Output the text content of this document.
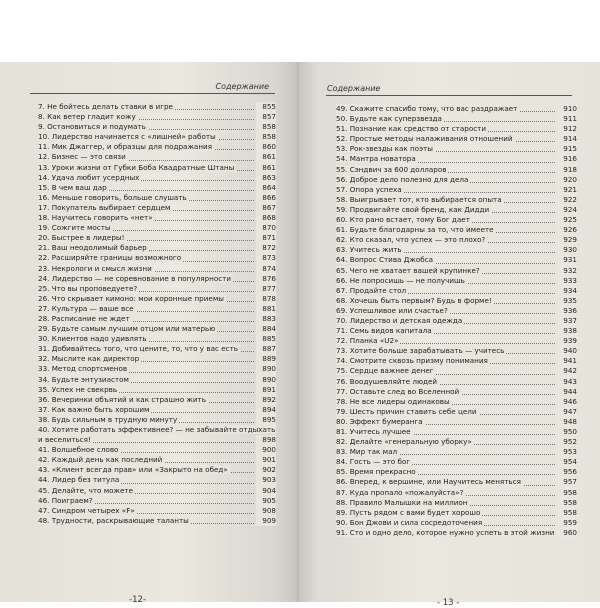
Содержание
7. Не бойтесь делать ставки в игре	855
8. Как ветер гладит кожу	857
9. Остановиться и подумать	858
10. Лидерство начинается с «лишней» работы	858
11. Мик Джаггер, и образцы для подражания	860
12. Бизнес — это связи	861
13. Уроки жизни от Губки Боба Квадратные Штаны	861
14. Удача любит усердных	863
15. В чем ваш дар	864
16. Меньше говорить, больше слушать	866
17. Покупатель выбирает сердцем	867
18. Научитесь говорить «нет»	868
19. Сожгите мосты	870
20. Быстрее в лидеры!	871
21. Ваш неодолимый барьер	872
22. Расширяйте границы возможного	873
23. Некрологи и смысл жизни	874
24. Лидерство — не соревнование в популярности	876
25. Что вы проповедуете?	877
26. Что скрывает кимоно: мои коронные приемы	878
27. Культура — ваше все	881
28. Расписание не ждет	883
29. Будьте самым лучшим отцом или матерью	884
30. Клиентов надо удивлять	885
31. Добивайтесь того, что цените, то, что у вас есть	887
32. Мыслите как директор	889
33. Метод спортсменов	890
34. Будьте энтузиастом	890
35. Успех не свекрвь	891
36. Вечеринки объятий и как страшно жить	892
37. Как важно быть хорошим	894
38. Будь сильным в трудную минуту	895
40. Хотите работать эффективнее? — не забывайте отдыхать
и веселиться!	898
41. Волшебное слово	900
42. Каждый день как последний	901
43. «Клиент всегда прав» или «Закрыто на обед»	902
44. Лидер без титула	903
45. Делайте, что можете	904
46. Поиграем?	905
47. Синдром четырех «F»	908
48. Трудности, раскрывающие таланты	909
-12-
Содержание
49. Скажите спасибо тому, что вас раздражает	910
50. Будьте как суперзвезда	911
51. Познание как средство от старости	912
52. Простые методы налаживания отношений	914
53. Рок-звезды как поэты	915
54. Мантра новатора	916
55. Сэндвич за 600 долларов	918
56. Доброе дело полезно для дела	920
57. Опора успеха	921
58. Выигрывает тот, кто выбирается опыта	922
59. Продвигайте свой бренд, как Дидди	924
60. Кто рано встает, тому Бог дает	925
61. Будьте благодарны за то, что имеете	926
62. Кто сказал, что успех — это плохо?	929
63. Учитесь жить	930
64. Вопрос Стива Джобса	931
65. Чего не хватает вашей крупинке?	932
66. Не попросишь — не получишь	933
67. Продайте стол	934
68. Хочешь быть первым? Будь в форме!	935
69. Успешливое или счастье?	936
70. Лидерство и детская одежда	937
71. Семь видов капитала	938
72. Планка «U2»	939
73. Хотите больше зарабатывать — учитесь	940
74. Смотрите сквозь призму понимания	941
75. Сердце важнее денег	942
76. Воодушевляйте людей	943
77. Оставьте след во Вселенной	944
78. Не все лидеры одинаковы	946
79. Шесть причин ставить себе цели	947
80. Эффект бумеранга	948
81. Учитесь лучшее	950
82. Делайте «генеральную уборку»	952
83. Мир так мал	953
84. Гость — это бог	954
85. Время прекрасно	956
86. Вперед, к вершине, или Научитесь меняться	957
87. Куда пропало «пожалуйста»?	958
88. Правило Малышки на миллион	958
89. Пусть рядом с вами будет хорошо	958
90. Бон Джови и сила сосредоточения	959
91. Сто и одно дело, которое нужно успеть в этой жизни	960
- 13 -
